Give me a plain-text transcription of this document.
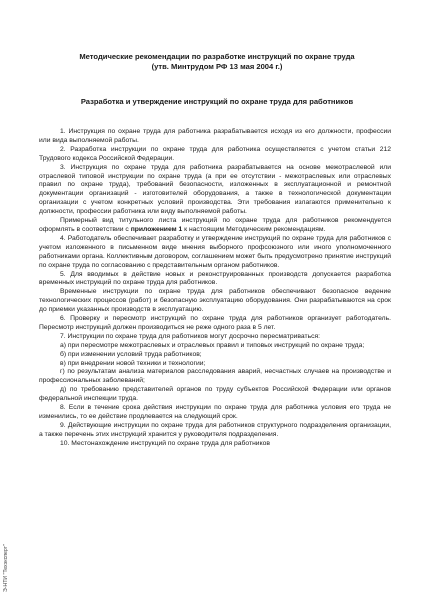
Методические рекомендации по разработке инструкций по охране труда
(утв. Минтрудом РФ 13 мая 2004 г.)
Разработка и утверждение инструкций по охране труда для работников

1. Инструкция по охране труда для работника разрабатывается исходя из его должности, профессии или вида выполняемой работы.

2. Разработка инструкции по охране труда для работника осуществляется с учетом статьи 212 Трудового кодекса Российской Федерации.

3. Инструкция по охране труда для работника разрабатывается на основе межотраслевой или отраслевой типовой инструкции по охране труда (а при ее отсутствии - межотраслевых или отраслевых правил по охране труда), требований безопасности, изложенных в эксплуатационной и ремонтной документации организаций - изготовителей оборудования, а также в технологической документации организации с учетом конкретных условий производства. Эти требования излагаются применительно к должности, профессии работника или виду выполняемой работы.

Примерный вид титульного листа инструкций по охране труда для работников рекомендуется оформлять в соответствии с приложением 1 к настоящим Методическим рекомендациям.

4. Работодатель обеспечивает разработку и утверждение инструкций по охране труда для работников с учетом изложенного в письменном виде мнения выборного профсоюзного или иного уполномоченного работниками органа. Коллективным договором, соглашением может быть предусмотрено принятие инструкций по охране труда по согласованию с представительным органом работников.

5. Для вводимых в действие новых и реконструированных производств допускается разработка временных инструкций по охране труда для работников.

Временные инструкции по охране труда для работников обеспечивают безопасное ведение технологических процессов (работ) и безопасную эксплуатацию оборудования. Они разрабатываются на срок до приемки указанных производств в эксплуатацию.

6. Проверку и пересмотр инструкций по охране труда для работников организует работодатель. Пересмотр инструкций должен производиться не реже одного раза в 5 лет.

7. Инструкции по охране труда для работников могут досрочно пересматриваться:

а) при пересмотре межотраслевых и отраслевых правил и типовых инструкций по охране труда;

б) при изменении условий труда работников;

в) при внедрении новой техники и технологии;

г) по результатам анализа материалов расследования аварий, несчастных случаев на производстве и профессиональных заболеваний;

д) по требованию представителей органов по труду субъектов Российской Федерации или органов федеральной инспекции труда.

8. Если в течение срока действия инструкции по охране труда для работника условия его труда не изменились, то ее действие продлевается на следующий срок.

9. Действующие инструкции по охране труда для работников структурного подразделения организации, а также перечень этих инструкций хранится у руководителя подразделения.

10. Местонахождение инструкций по охране труда для работников

Э-НТИ "Техэксперт"
